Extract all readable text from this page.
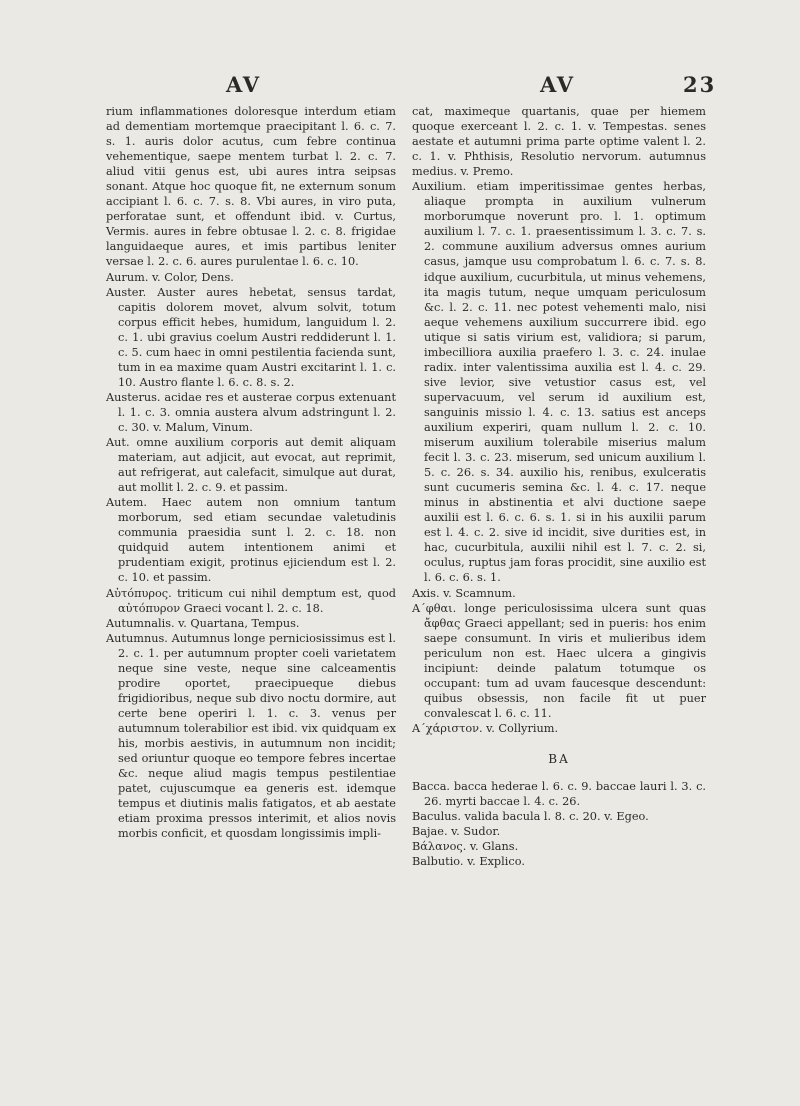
AV	AV	23

rium inflammationes doloresque interdum etiam ad dementiam mortemque praecipitant l. 6. c. 7. s. 1. auris dolor acutus, cum febre continua vehementique, saepe mentem turbat l. 2. c. 7. aliud vitii genus est, ubi aures intra seipsas sonant. Atque hoc quoque fit, ne externum sonum accipiant l. 6. c. 7. s. 8. Vbi aures, in viro puta, perforatae sunt, et offendunt ibid. v. Curtus, Vermis. aures in febre obtusae l. 2. c. 8. frigidae languidaeque aures, et imis partibus leniter versae l. 2. c. 6. aures purulentae l. 6. c. 10.

Aurum. v. Color, Dens.

Auster. Auster aures hebetat, sensus tardat, capitis dolorem movet, alvum solvit, totum corpus efficit hebes, humidum, languidum l. 2. c. 1. ubi gravius coelum Austri reddiderunt l. 1. c. 5. cum haec in omni pestilentia facienda sunt, tum in ea maxime quam Austri excitarint l. 1. c. 10. Austro flante l. 6. c. 8. s. 2.

Austerus. acidae res et austerae corpus extenuant l. 1. c. 3. omnia austera alvum adstringunt l. 2. c. 30. v. Malum, Vinum.

Aut. omne auxilium corporis aut demit aliquam materiam, aut adjicit, aut evocat, aut reprimit, aut refrigerat, aut calefacit, simulque aut durat, aut mollit l. 2. c. 9. et passim.

Autem. Haec autem non omnium tantum morborum, sed etiam secundae valetudinis communia praesidia sunt l. 2. c. 18. non quidquid autem intentionem animi et prudentiam exigit, protinus ejiciendum est l. 2. c. 10. et passim.

Αὐτόπυρος. triticum cui nihil demptum est, quod αὐτόπυρον Graeci vocant l. 2. c. 18.

Autumnalis. v. Quartana, Tempus.

Autumnus. Autumnus longe perniciosissimus est l. 2. c. 1. per autumnum propter coeli varietatem neque sine veste, neque sine calceamentis prodire oportet, praecipueque diebus frigidioribus, neque sub divo noctu dormire, aut certe bene operiri l. 1. c. 3. venus per autumnum tolerabilior est ibid. vix quidquam ex his, morbis aestivis, in autumnum non incidit; sed oriuntur quoque eo tempore febres incertae &c. neque aliud magis tempus pestilentiae patet, cujuscumque ea generis est. idemque tempus et diutinis malis fatigatos, et ab aestate etiam proxima pressos interimit, et alios novis morbis conficit, et quosdam longissimis impli-

cat, maximeque quartanis, quae per hiemem quoque exerceant l. 2. c. 1. v. Tempestas. senes aestate et autumni prima parte optime valent l. 2. c. 1. v. Phthisis, Resolutio nervorum. autumnus medius. v. Premo.

Auxilium. etiam imperitissimae gentes herbas, aliaque prompta in auxilium vulnerum morborumque noverunt pro. l. 1. optimum auxilium l. 7. c. 1. praesentissimum l. 3. c. 7. s. 2. commune auxilium adversus omnes aurium casus, jamque usu comprobatum l. 6. c. 7. s. 8. idque auxilium, cucurbitula, ut minus vehemens, ita magis tutum, neque umquam periculosum &c. l. 2. c. 11. nec potest vehementi malo, nisi aeque vehemens auxilium succurrere ibid. ego utique si satis virium est, validiora; si parum, imbecilliora auxilia praefero l. 3. c. 24. inulae radix. inter valentissima auxilia est l. 4. c. 29. sive levior, sive vetustior casus est, vel supervacuum, vel serum id auxilium est, sanguinis missio l. 4. c. 13. satius est anceps auxilium experiri, quam nullum l. 2. c. 10. miserum auxilium tolerabile miserius malum fecit l. 3. c. 23. miserum, sed unicum auxilium l. 5. c. 26. s. 34. auxilio his, renibus, exulceratis sunt cucumeris semina &c. l. 4. c. 17. neque minus in abstinentia et alvi ductione saepe auxilii est l. 6. c. 6. s. 1. si in his auxilii parum est l. 4. c. 2. sive id incidit, sive durities est, in hac, cucurbitula, auxilii nihil est l. 7. c. 2. si, oculus, ruptus jam foras procidit, sine auxilio est l. 6. c. 6. s. 1.

Axis. v. Scamnum.

Α΄φθαι. longe periculosissima ulcera sunt quas ἄφθας Graeci appellant; sed in pueris: hos enim saepe consumunt. In viris et mulieribus idem periculum non est. Haec ulcera a gingivis incipiunt: deinde palatum totumque os occupant: tum ad uvam faucesque descendunt: quibus obsessis, non facile fit ut puer convalescat l. 6. c. 11.

Α΄χάριστον. v. Collyrium.

BA

Bacca. bacca hederae l. 6. c. 9. baccae lauri l. 3. c. 26. myrti baccae l. 4. c. 26.

Baculus. valida bacula l. 8. c. 20. v. Egeo.

Bajae. v. Sudor.

Βάλανος. v. Glans.

Balbutio. v. Explico.
